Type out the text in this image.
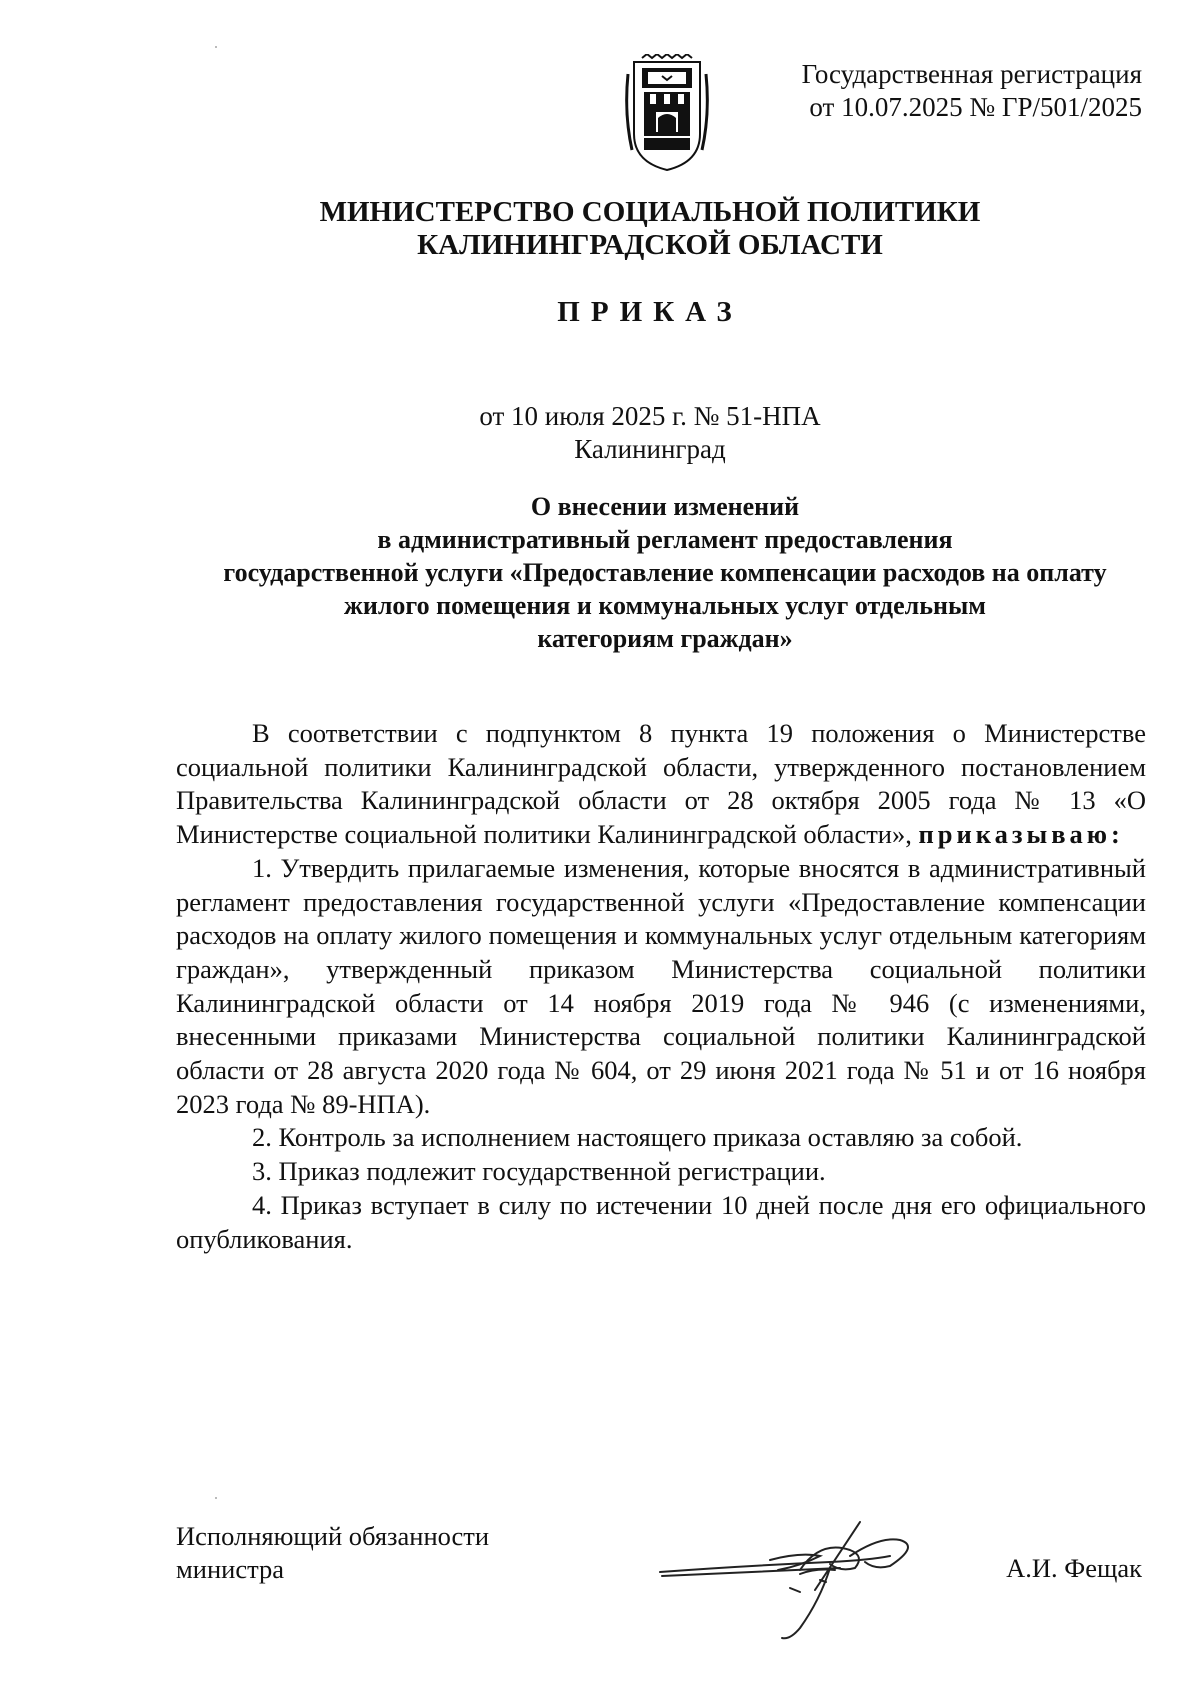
Государственная регистрация
от 10.07.2025 № ГР/501/2025
МИНИСТЕРСТВО СОЦИАЛЬНОЙ ПОЛИТИКИ
КАЛИНИНГРАДСКОЙ ОБЛАСТИ
ПРИКАЗ
от 10 июля 2025 г. № 51-НПА
Калининград
О внесении изменений
в административный регламент предоставления
государственной услуги «Предоставление компенсации расходов на оплату
жилого помещения и коммунальных услуг отдельным
категориям граждан»

В соответствии с подпунктом 8 пункта 19 положения о Министерстве социальной политики Калининградской области, утвержденного постановлением Правительства Калининградской области от 28 октября 2005 года № 13 «О Министерстве социальной политики Калининградской области», приказываю:

1. Утвердить прилагаемые изменения, которые вносятся в административный регламент предоставления государственной услуги «Предоставление компенсации расходов на оплату жилого помещения и коммунальных услуг отдельным категориям граждан», утвержденный приказом Министерства социальной политики Калининградской области от 14 ноября 2019 года № 946 (с изменениями, внесенными приказами Министерства социальной политики Калининградской области от 28 августа 2020 года № 604, от 29 июня 2021 года № 51 и от 16 ноября 2023 года № 89-НПА).

2. Контроль за исполнением настоящего приказа оставляю за собой.

3. Приказ подлежит государственной регистрации.

4. Приказ вступает в силу по истечении 10 дней после дня его официального опубликования.

Исполняющий обязанности
министра	А.И. Фещак
